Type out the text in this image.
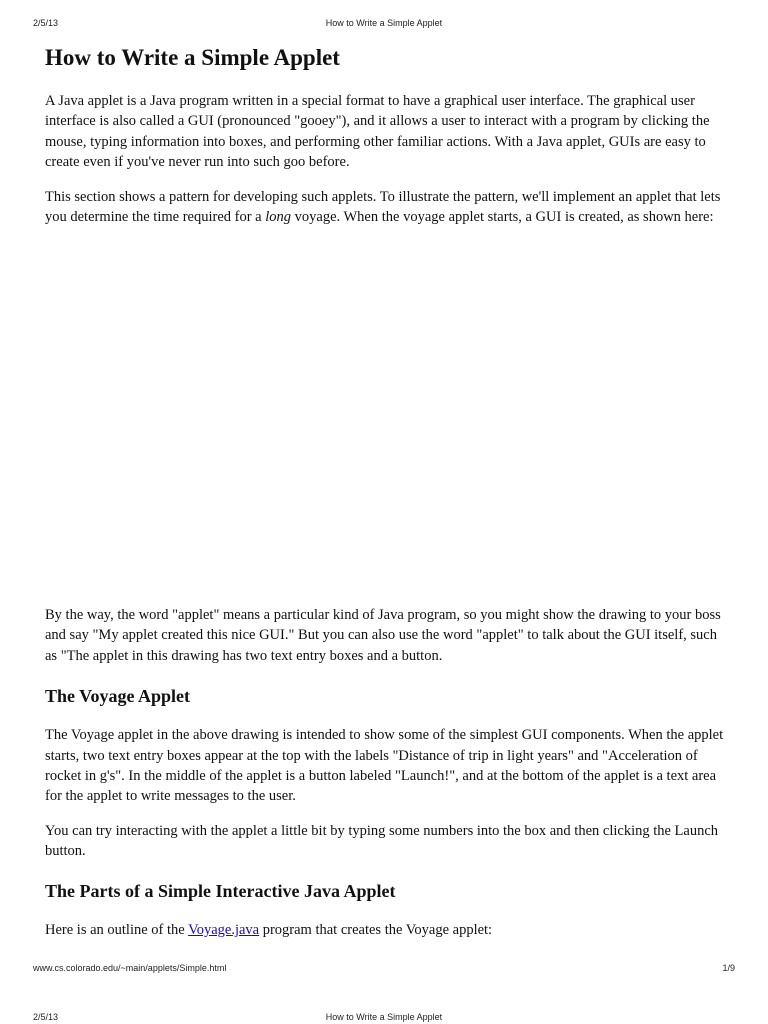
2/5/13	How to Write a Simple Applet
How to Write a Simple Applet

A Java applet is a Java program written in a special format to have a graphical user interface. The graphical user interface is also called a GUI (pronounced "gooey"), and it allows a user to interact with a program by clicking the mouse, typing information into boxes, and performing other familiar actions. With a Java applet, GUIs are easy to create even if you've never run into such goo before.

This section shows a pattern for developing such applets. To illustrate the pattern, we'll implement an applet that lets you determine the time required for a long voyage. When the voyage applet starts, a GUI is created, as shown here:

By the way, the word "applet" means a particular kind of Java program, so you might show the drawing to your boss and say "My applet created this nice GUI." But you can also use the word "applet" to talk about the GUI itself, such as "The applet in this drawing has two text entry boxes and a button.

The Voyage Applet

The Voyage applet in the above drawing is intended to show some of the simplest GUI components. When the applet starts, two text entry boxes appear at the top with the labels "Distance of trip in light years" and "Acceleration of rocket in g's". In the middle of the applet is a button labeled "Launch!", and at the bottom of the applet is a text area for the applet to write messages to the user.

You can try interacting with the applet a little bit by typing some numbers into the box and then clicking the Launch button.

The Parts of a Simple Interactive Java Applet

Here is an outline of the Voyage.java program that creates the Voyage applet:

www.cs.colorado.edu/~main/applets/Simple.html	1/9
2/5/13	How to Write a Simple Applet
